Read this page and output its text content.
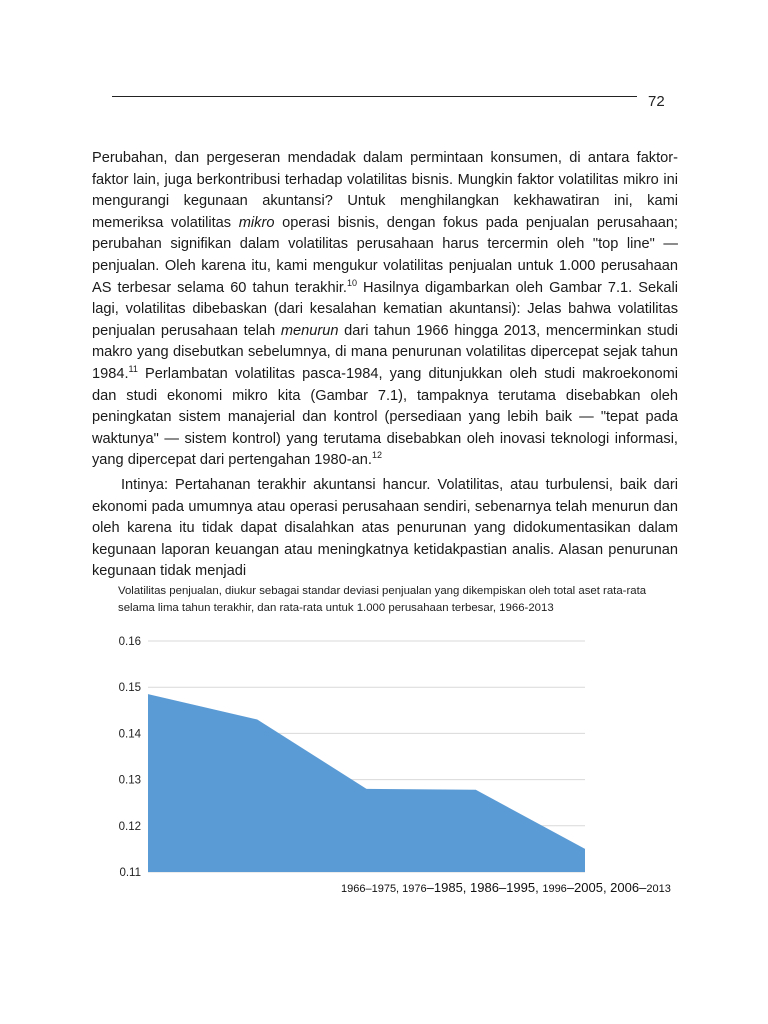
72

Perubahan, dan pergeseran mendadak dalam permintaan konsumen, di antara faktor-faktor lain, juga berkontribusi terhadap volatilitas bisnis. Mungkin faktor volatilitas mikro ini mengurangi kegunaan akuntansi? Untuk menghilangkan kekhawatiran ini, kami memeriksa volatilitas mikro operasi bisnis, dengan fokus pada penjualan perusahaan; perubahan signifikan dalam volatilitas perusahaan harus tercermin oleh "top line" — penjualan. Oleh karena itu, kami mengukur volatilitas penjualan untuk 1.000 perusahaan AS terbesar selama 60 tahun terakhir.$^{10}$ Hasilnya digambarkan oleh Gambar 7.1. Sekali lagi, volatilitas dibebaskan (dari kesalahan kematian akuntansi): Jelas bahwa volatilitas penjualan perusahaan telah menurun dari tahun 1966 hingga 2013, mencerminkan studi makro yang disebutkan sebelumnya, di mana penurunan volatilitas dipercepat sejak tahun 1984.11 Perlambatan volatilitas pasca-1984, yang ditunjukkan oleh studi makroekonomi dan studi ekonomi mikro kita (Gambar 7.1), tampaknya terutama disebabkan oleh peningkatan sistem manajerial dan kontrol (persediaan yang lebih baik — "tepat pada waktunya" — sistem kontrol) yang terutama disebabkan oleh inovasi teknologi informasi, yang dipercepat dari pertengahan 1980-an.$^{12}$

Intinya: Pertahanan terakhir akuntansi hancur. Volatilitas, atau turbulensi, baik dari ekonomi pada umumnya atau operasi perusahaan sendiri, sebenarnya telah menurun dan oleh karena itu tidak dapat disalahkan atas penurunan yang didokumentasikan dalam kegunaan laporan keuangan atau meningkatnya ketidakpastian analis. Alasan penurunan kegunaan tidak menjadi

Volatilitas penjualan, diukur sebagai standar deviasi penjualan yang dikempiskan oleh total aset rata-rata selama lima tahun terakhir, dan rata-rata untuk 1.000 perusahaan terbesar, 1966-2013
0.16
0.15
0.14
0.13
0.12
0.11
1966–1975, 1976–1985, 1986–1995, 1996–2005, 2006–2013
